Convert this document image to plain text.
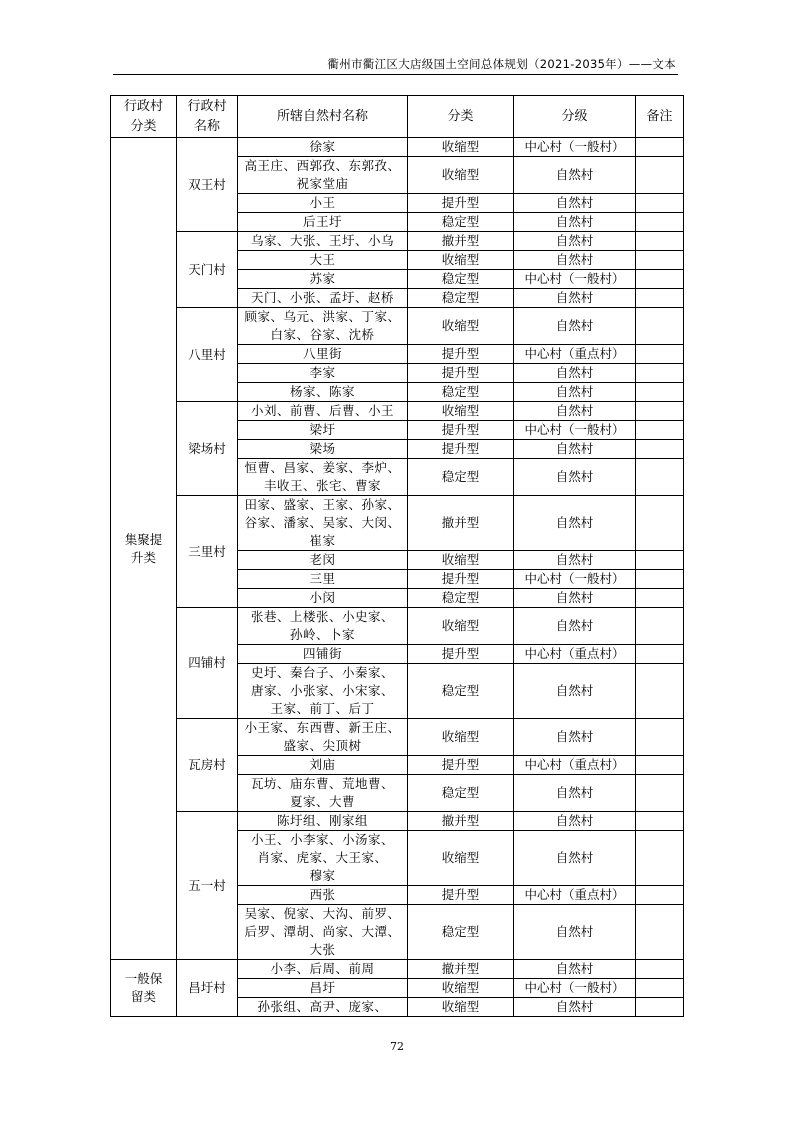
衢州市衢江区大店级国土空间总体规划（2021-2035年）——文本
行政村
分类	行政村
名称	所辖自然村名称	分类	分级	备注
集聚提
升类	双王村	徐家	收缩型	中心村（一般村）	
		高王庄、西郭孜、东郭孜、
祝家堂庙	收缩型	自然村	
		小王	提升型	自然村	
		后王圩	稳定型	自然村	
	天门村	乌家、大张、王圩、小乌	撤并型	自然村	
		大王	收缩型	自然村	
		苏家	稳定型	中心村（一般村）	
		天门、小张、孟圩、赵桥	稳定型	自然村	
	八里村	顾家、乌元、洪家、丁家、
白家、谷家、沈桥	收缩型	自然村	
		八里街	提升型	中心村（重点村）	
		李家	提升型	自然村	
		杨家、陈家	稳定型	自然村	
	梁场村	小刘、前曹、后曹、小王	收缩型	自然村	
		梁圩	提升型	中心村（一般村）	
		梁场	提升型	自然村	
		恒曹、昌家、姜家、李炉、
丰收王、张宅、曹家	稳定型	自然村	
	三里村	田家、盛家、王家、孙家、
谷家、潘家、吴家、大闵、
崔家	撤并型	自然村	
		老闵	收缩型	自然村	
		三里	提升型	中心村（一般村）	
		小闵	稳定型	自然村	
	四铺村	张巷、上楼张、小史家、
孙岭、卜家	收缩型	自然村	
		四铺街	提升型	中心村（重点村）	
		史圩、秦台子、小秦家、
唐家、小张家、小宋家、
王家、前丁、后丁	稳定型	自然村	
	瓦房村	小王家、东西曹、新王庄、
盛家、尖顶树	收缩型	自然村	
		刘庙	提升型	中心村（重点村）	
		瓦坊、庙东曹、荒地曹、
夏家、大曹	稳定型	自然村	
	五一村	陈圩组、刚家组	撤并型	自然村	
		小王、小李家、小汤家、
肖家、虎家、大王家、
穆家	收缩型	自然村	
		西张	提升型	中心村（重点村）	
		吴家、倪家、大沟、前罗、
后罗、潭胡、尚家、大潭、
大张	稳定型	自然村	
一般保
留类	昌圩村	小李、后周、前周	撤并型	自然村	
		昌圩	收缩型	中心村（一般村）	
		孙张组、高尹、庞家、	收缩型	自然村	
72
